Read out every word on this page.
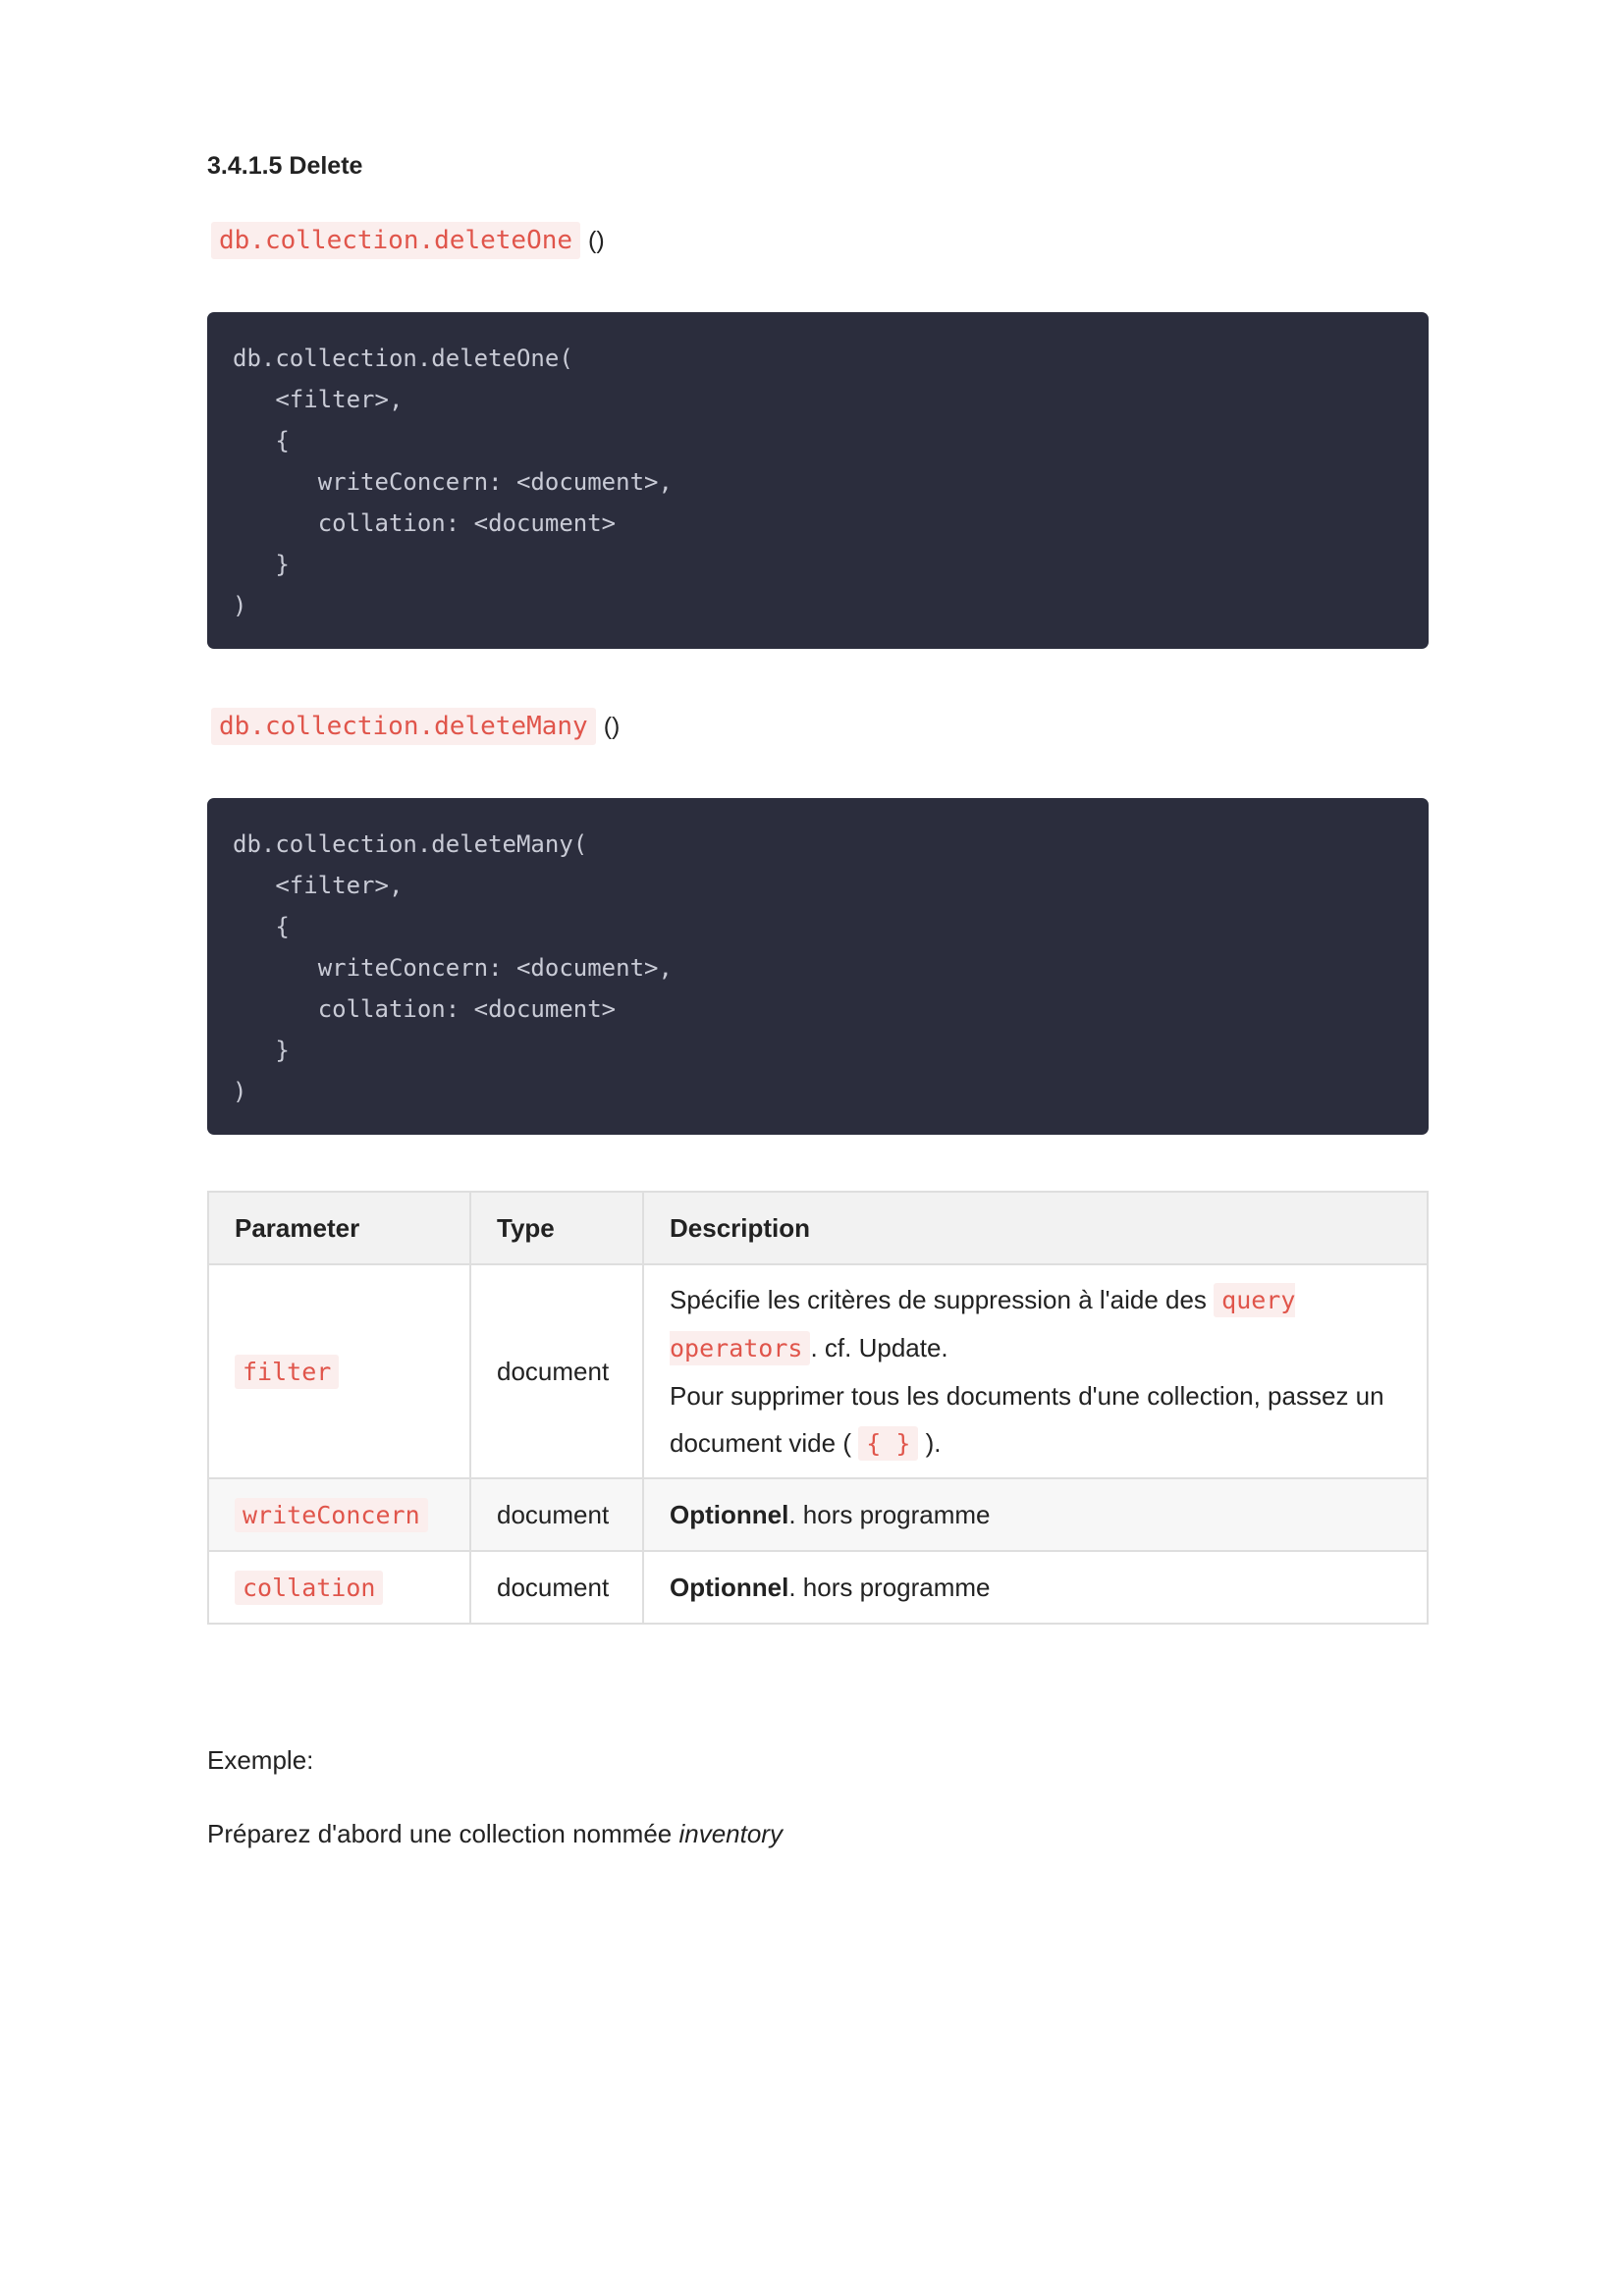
3.4.1.5 Delete
db.collection.deleteOne ()
db.collection.deleteOne(
<filter>,
{
writeConcern: <document>,
collation: <document>
}
)
db.collection.deleteMany ()
db.collection.deleteMany(
<filter>,
{
writeConcern: <document>,
collation: <document>
}
)
Parameter	Type	Description
filter	document	Spécifie les critères de suppression à l'aide des query operators . cf. Update.
Pour supprimer tous les documents d'une collection, passez un document vide ( { } ).

writeConcern	document	Optionnel. hors programme
collation	document	Optionnel. hors programme
Exemple:
Préparez d'abord une collection nommée inventory
